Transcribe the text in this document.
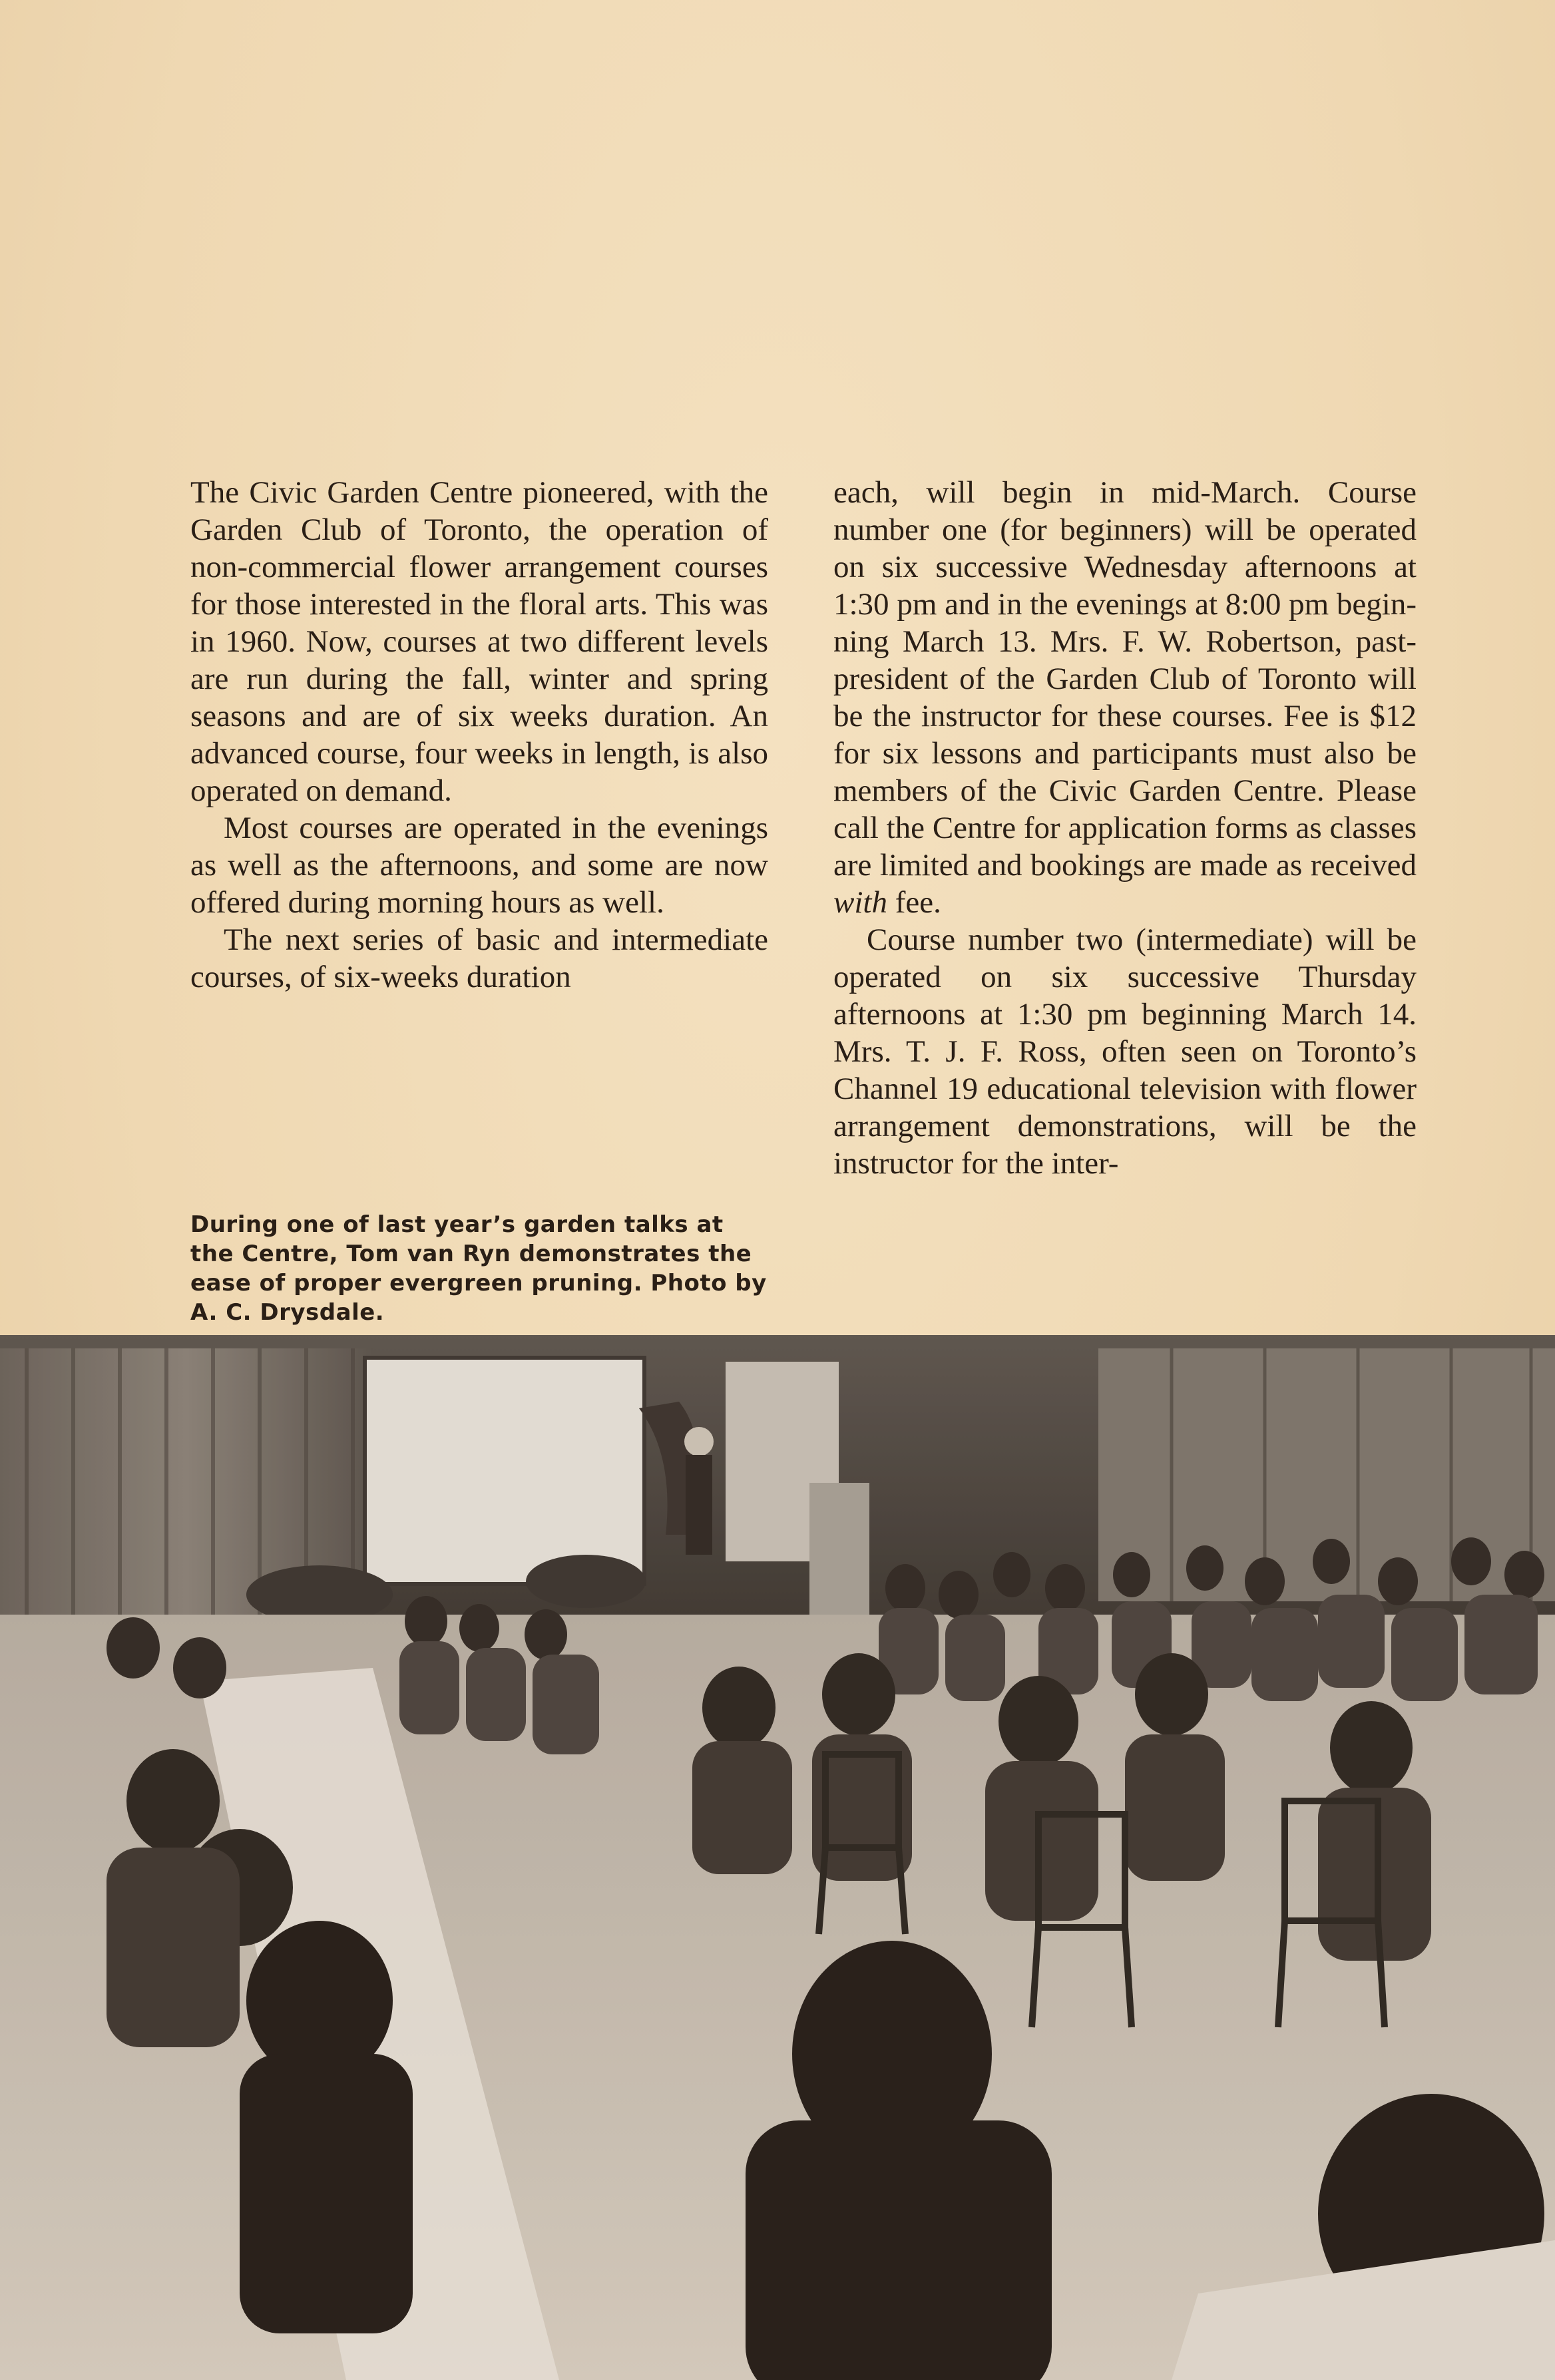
The Civic Garden Centre pioneered, with the Garden Club of Toronto, the operation of non-commercial flower arrangement courses for those interested in the floral arts. This was in 1960. Now, courses at two different levels are run during the fall, winter and spring seasons and are of six weeks duration. An advanced course, four weeks in length, is also operated on demand.

Most courses are operated in the evenings as well as the afternoons, and some are now offered during morning hours as well.

The next series of basic and intermediate courses, of six-weeks duration

During one of last year’s garden talks at the Centre, Tom van Ryn demonstrates the ease of proper evergreen pruning. Photo by A. C. Drysdale.

each, will begin in mid-March. Course number one (for beginners) will be operated on six successive Wednesday afternoons at 1:30 pm and in the evenings at 8:00 pm beginning March 13. Mrs. F. W. Robertson, past-president of the Garden Club of Toronto will be the instructor for these courses. Fee is $12 for six lessons and participants must also be members of the Civic Garden Centre. Please call the Centre for application forms as classes are limited and bookings are made as received with fee.

Course number two (intermediate) will be operated on six successive Thursday afternoons at 1:30 pm beginning March 14. Mrs. T. J. F. Ross, often seen on Toronto’s Channel 19 educational television with flower arrangement demonstrations, will be the instructor for the inter-
